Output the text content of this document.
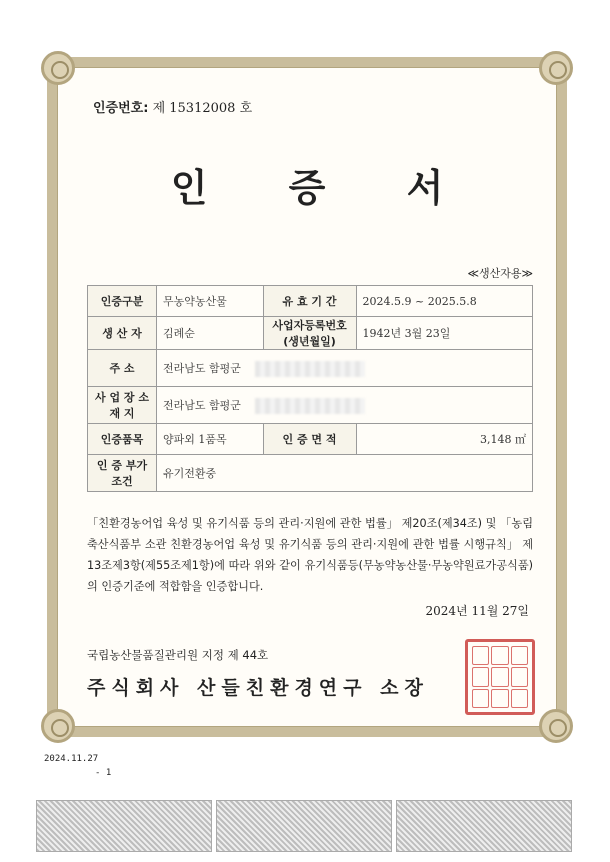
인증번호: 제 15312008 호
인 증 서
≪생산자용≫
인증구분	무농약농산물	유 효 기 간	2024.5.9 ~ 2025.5.8
생 산 자	김례순	사업자등록번호(생년월일)	1942년 3월 23일
주 소	전라남도 함평군		
사 업 장 소 재 지	전라남도 함평군		
인증품목	양파외 1품목	인 증 면 적	3,148 ㎡
인 증 부가조건	유기전환중		
「친환경농어업 육성 및 유기식품 등의 관리·지원에 관한 법률」 제20조(제34조) 및 「농림축산식품부 소관 친환경농어업 육성 및 유기식품 등의 관리·지원에 관한 법률 시행규칙」 제13조제3항(제55조제1항)에 따라 위와 같이 유기식품등(무농약농산물·무농약원료가공식품)의 인증기준에 적합함을 인증합니다.
2024년 11월 27일
국립농산물품질관리원 지정 제 44호
주식회사 산들친환경연구 소장
2024.11.27
- 1
